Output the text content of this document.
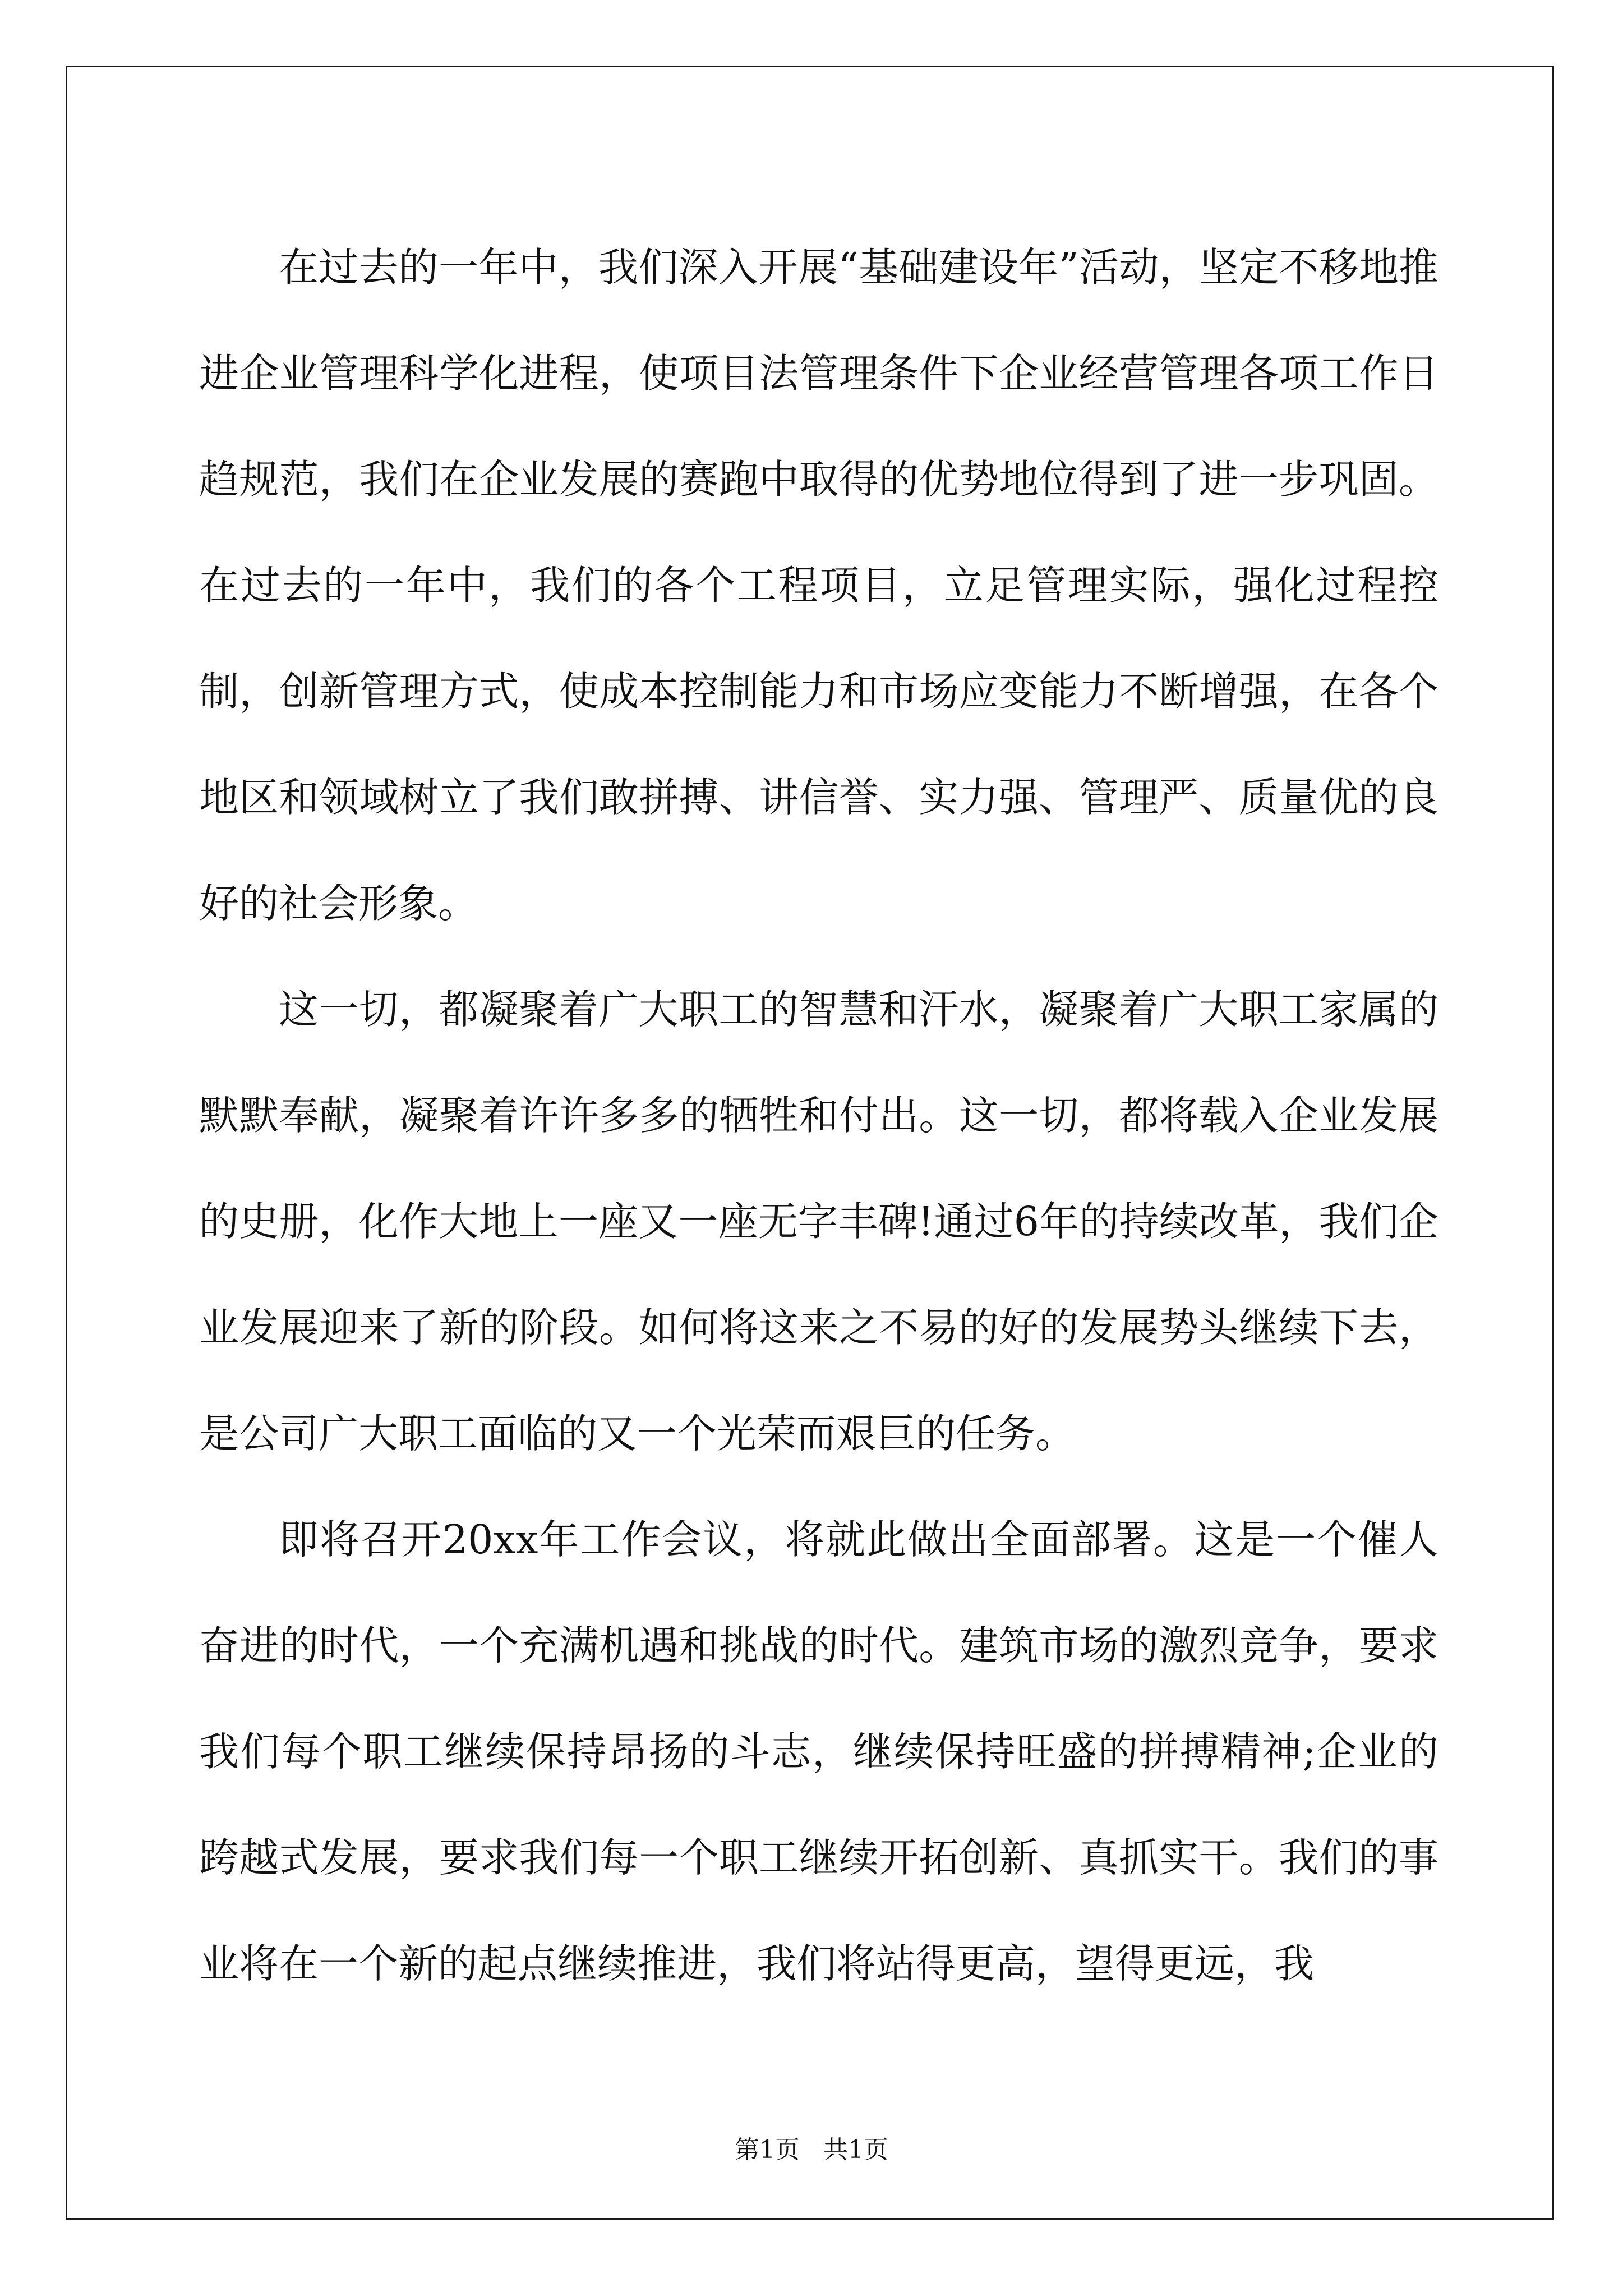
在过去的一年中，我们深入开展“基础建设年”活动，坚定不移地推进企业管理科学化进程，使项目法管理条件下企业经营管理各项工作日趋规范，我们在企业发展的赛跑中取得的优势地位得到了进一步巩固。在过去的一年中，我们的各个工程项目，立足管理实际，强化过程控制，创新管理方式，使成本控制能力和市场应变能力不断增强，在各个地区和领域树立了我们敢拼搏、讲信誉、实力强、管理严、质量优的良好的社会形象。

这一切，都凝聚着广大职工的智慧和汗水，凝聚着广大职工家属的默默奉献，凝聚着许许多多的牺牲和付出。这一切，都将载入企业发展的史册，化作大地上一座又一座无字丰碑!通过6年的持续改革，我们企业发展迎来了新的阶段。如何将这来之不易的好的发展势头继续下去，是公司广大职工面临的又一个光荣而艰巨的任务。

即将召开20xx年工作会议，将就此做出全面部署。这是一个催人奋进的时代，一个充满机遇和挑战的时代。建筑市场的激烈竞争，要求我们每个职工继续保持昂扬的斗志，继续保持旺盛的拼搏精神;企业的跨越式发展，要求我们每一个职工继续开拓创新、真抓实干。我们的事业将在一个新的起点继续推进，我们将站得更高，望得更远，我

第1页   共1页
